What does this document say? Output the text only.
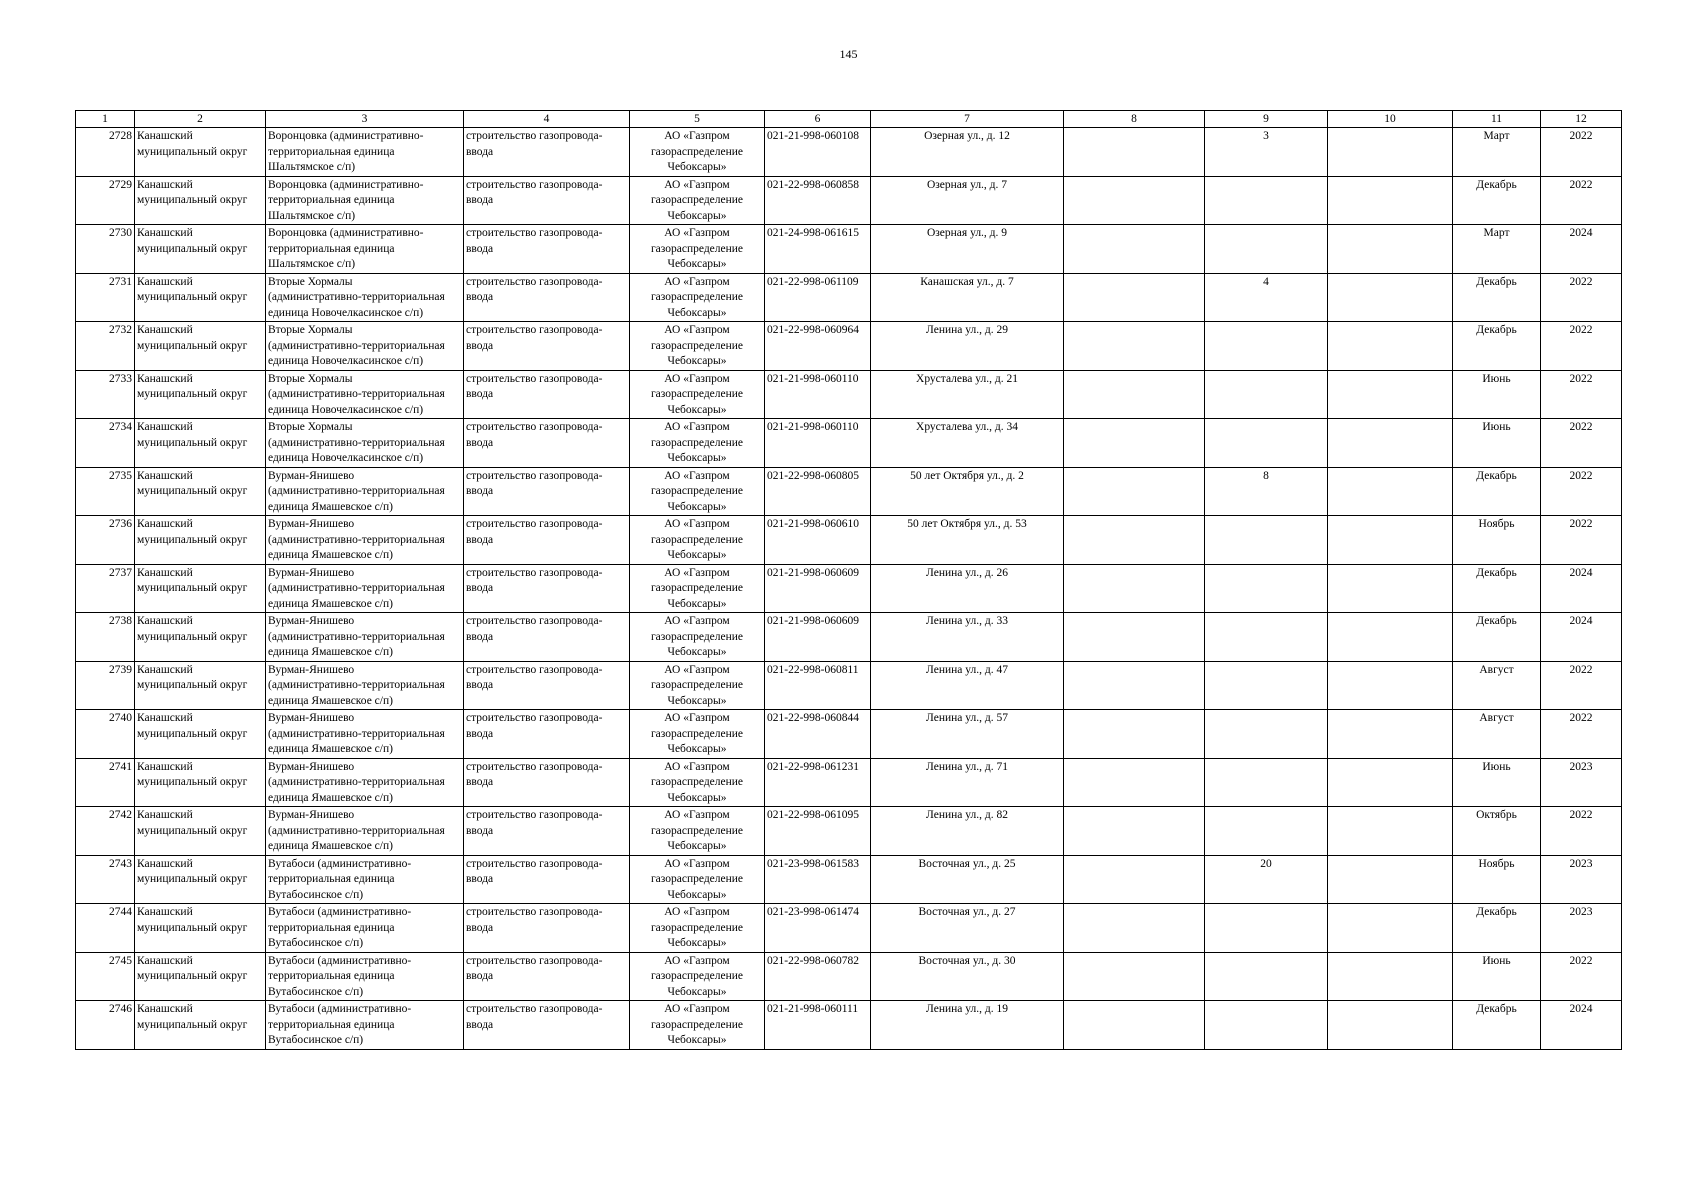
145
1	2	3	4	5	6	7	8	9	10	11	12
2728	Канашский
муниципальный округ	Воронцовка (административно-
территориальная единица
Шальтямское с/п)	строительство газопровода-
ввода	АО «Газпром
газораспределение
Чебоксары»	021-21-998-060108	Озерная ул., д. 12		3		Март	2022
2729	Канашский
муниципальный округ	Воронцовка (административно-
территориальная единица
Шальтямское с/п)	строительство газопровода-
ввода	АО «Газпром
газораспределение
Чебоксары»	021-22-998-060858	Озерная ул., д. 7				Декабрь	2022
2730	Канашский
муниципальный округ	Воронцовка (административно-
территориальная единица
Шальтямское с/п)	строительство газопровода-
ввода	АО «Газпром
газораспределение
Чебоксары»	021-24-998-061615	Озерная ул., д. 9				Март	2024
2731	Канашский
муниципальный округ	Вторые Хормалы
(административно-территориальная
единица Новочелкасинское с/п)	строительство газопровода-
ввода	АО «Газпром
газораспределение
Чебоксары»	021-22-998-061109	Канашская ул., д. 7		4		Декабрь	2022
2732	Канашский
муниципальный округ	Вторые Хормалы
(административно-территориальная
единица Новочелкасинское с/п)	строительство газопровода-
ввода	АО «Газпром
газораспределение
Чебоксары»	021-22-998-060964	Ленина ул., д. 29				Декабрь	2022
2733	Канашский
муниципальный округ	Вторые Хормалы
(административно-территориальная
единица Новочелкасинское с/п)	строительство газопровода-
ввода	АО «Газпром
газораспределение
Чебоксары»	021-21-998-060110	Хрусталева ул., д. 21				Июнь	2022
2734	Канашский
муниципальный округ	Вторые Хормалы
(административно-территориальная
единица Новочелкасинское с/п)	строительство газопровода-
ввода	АО «Газпром
газораспределение
Чебоксары»	021-21-998-060110	Хрусталева ул., д. 34				Июнь	2022
2735	Канашский
муниципальный округ	Вурман-Янишево
(административно-территориальная
единица Ямашевское с/п)	строительство газопровода-
ввода	АО «Газпром
газораспределение
Чебоксары»	021-22-998-060805	50 лет Октября ул., д. 2		8		Декабрь	2022
2736	Канашский
муниципальный округ	Вурман-Янишево
(административно-территориальная
единица Ямашевское с/п)	строительство газопровода-
ввода	АО «Газпром
газораспределение
Чебоксары»	021-21-998-060610	50 лет Октября ул., д. 53				Ноябрь	2022
2737	Канашский
муниципальный округ	Вурман-Янишево
(административно-территориальная
единица Ямашевское с/п)	строительство газопровода-
ввода	АО «Газпром
газораспределение
Чебоксары»	021-21-998-060609	Ленина ул., д. 26				Декабрь	2024
2738	Канашский
муниципальный округ	Вурман-Янишево
(административно-территориальная
единица Ямашевское с/п)	строительство газопровода-
ввода	АО «Газпром
газораспределение
Чебоксары»	021-21-998-060609	Ленина ул., д. 33				Декабрь	2024
2739	Канашский
муниципальный округ	Вурман-Янишево
(административно-территориальная
единица Ямашевское с/п)	строительство газопровода-
ввода	АО «Газпром
газораспределение
Чебоксары»	021-22-998-060811	Ленина ул., д. 47				Август	2022
2740	Канашский
муниципальный округ	Вурман-Янишево
(административно-территориальная
единица Ямашевское с/п)	строительство газопровода-
ввода	АО «Газпром
газораспределение
Чебоксары»	021-22-998-060844	Ленина ул., д. 57				Август	2022
2741	Канашский
муниципальный округ	Вурман-Янишево
(административно-территориальная
единица Ямашевское с/п)	строительство газопровода-
ввода	АО «Газпром
газораспределение
Чебоксары»	021-22-998-061231	Ленина ул., д. 71				Июнь	2023
2742	Канашский
муниципальный округ	Вурман-Янишево
(административно-территориальная
единица Ямашевское с/п)	строительство газопровода-
ввода	АО «Газпром
газораспределение
Чебоксары»	021-22-998-061095	Ленина ул., д. 82				Октябрь	2022
2743	Канашский
муниципальный округ	Вутабоси (административно-
территориальная единица
Вутабосинское с/п)	строительство газопровода-
ввода	АО «Газпром
газораспределение
Чебоксары»	021-23-998-061583	Восточная ул., д. 25		20		Ноябрь	2023
2744	Канашский
муниципальный округ	Вутабоси (административно-
территориальная единица
Вутабосинское с/п)	строительство газопровода-
ввода	АО «Газпром
газораспределение
Чебоксары»	021-23-998-061474	Восточная ул., д. 27				Декабрь	2023
2745	Канашский
муниципальный округ	Вутабоси (административно-
территориальная единица
Вутабосинское с/п)	строительство газопровода-
ввода	АО «Газпром
газораспределение
Чебоксары»	021-22-998-060782	Восточная ул., д. 30				Июнь	2022
2746	Канашский
муниципальный округ	Вутабоси (административно-
территориальная единица
Вутабосинское с/п)	строительство газопровода-
ввода	АО «Газпром
газораспределение
Чебоксары»	021-21-998-060111	Ленина ул., д. 19				Декабрь	2024
